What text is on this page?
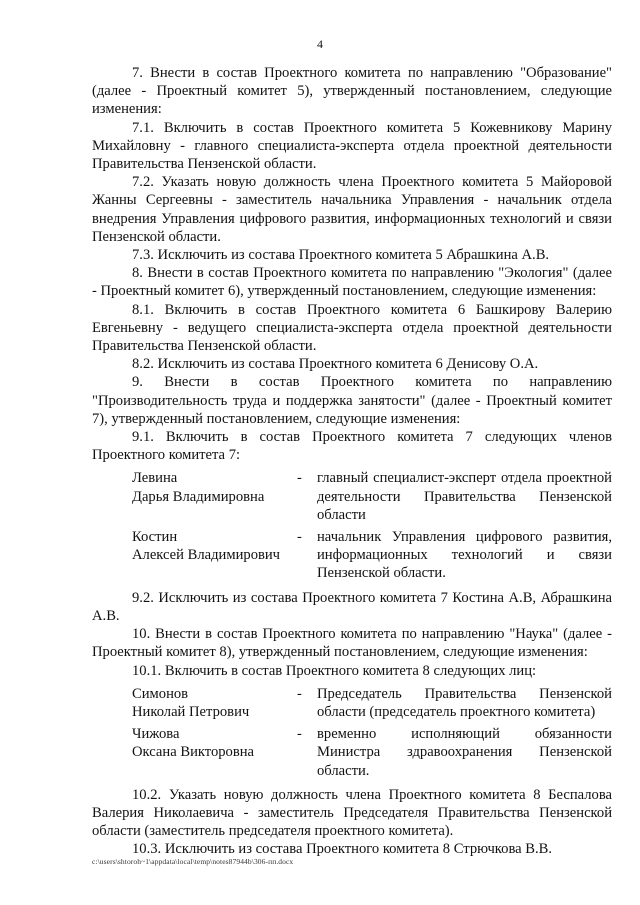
4

7. Внести в состав Проектного комитета по направлению "Образование" (далее - Проектный комитет 5), утвержденный постановлением, следующие изменения:

7.1. Включить в состав Проектного комитета 5 Кожевникову Марину Михайловну - главного специалиста-эксперта отдела проектной деятельности Правительства Пензенской области.

7.2. Указать новую должность члена Проектного комитета 5 Майоровой Жанны Сергеевны - заместитель начальника Управления - начальник отдела внедрения Управления цифрового развития, информационных технологий и связи Пензенской области.

7.3. Исключить из состава Проектного комитета 5 Абрашкина А.В.

8. Внести в состав Проектного комитета по направлению "Экология" (далее - Проектный комитет 6), утвержденный постановлением, следующие изменения:

8.1. Включить в состав Проектного комитета 6 Башкирову Валерию Евгеньевну - ведущего специалиста-эксперта отдела проектной деятельности Правительства Пензенской области.

8.2. Исключить из состава Проектного комитета 6 Денисову О.А.

9. Внести в состав Проектного комитета по направлению "Производительность труда и поддержка занятости" (далее - Проектный комитет 7), утвержденный постановлением, следующие изменения:

9.1. Включить в состав Проектного комитета 7 следующих членов Проектного комитета 7:

Левина
Дарья Владимировна
-	главный специалист-эксперт отдела проектной деятельности Правительства Пензенской области
Костин
Алексей Владимирович
-	начальник Управления цифрового развития, информационных технологий и связи Пензенской области.

9.2. Исключить из состава Проектного комитета 7 Костина А.В, Абрашкина А.В.

10. Внести в состав Проектного комитета по направлению "Наука" (далее - Проектный комитет 8), утвержденный постановлением, следующие изменения:

10.1. Включить в состав Проектного комитета 8 следующих лиц:

Симонов
Николай Петрович
-	Председатель Правительства Пензенской области (председатель проектного комитета)
Чижова
Оксана Викторовна
-	временно исполняющий обязанности Министра здравоохранения Пензенской области.

10.2. Указать новую должность члена Проектного комитета 8 Беспалова Валерия Николаевича - заместитель Председателя Правительства Пензенской области (заместитель председателя проектного комитета).

10.3. Исключить из состава Проектного комитета 8 Стрючкова В.В.

c:\users\shtoroh~1\appdata\local\temp\notes87944b\306-пп.docx
